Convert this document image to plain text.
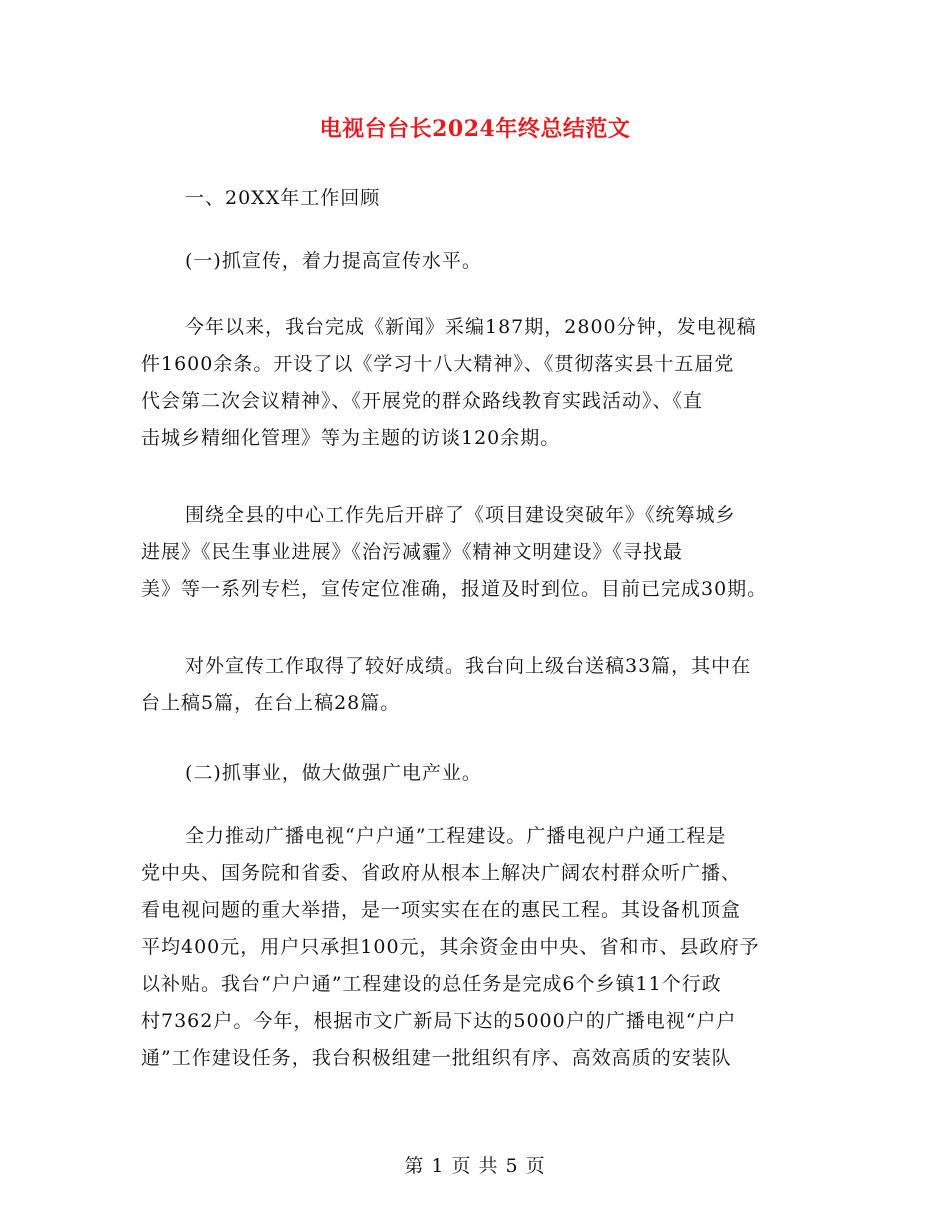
电视台台长2024年终总结范文
一、20XX年工作回顾
(一)抓宣传，着力提高宣传水平。
今年以来，我台完成《新闻》采编187期，2800分钟，发电视稿
件1600余条。开设了以《学习十八大精神》、《贯彻落实县十五届党
代会第二次会议精神》、《开展党的群众路线教育实践活动》、《直
击城乡精细化管理》等为主题的访谈120余期。
围绕全县的中心工作先后开辟了《项目建设突破年》《统筹城乡
进展》《民生事业进展》《治污减霾》《精神文明建设》《寻找最
美》等一系列专栏，宣传定位准确，报道及时到位。目前已完成30期。
对外宣传工作取得了较好成绩。我台向上级台送稿33篇，其中在
台上稿5篇，在台上稿28篇。
(二)抓事业，做大做强广电产业。
全力推动广播电视“户户通”工程建设。广播电视户户通工程是
党中央、国务院和省委、省政府从根本上解决广阔农村群众听广播、
看电视问题的重大举措，是一项实实在在的惠民工程。其设备机顶盒
平均400元，用户只承担100元，其余资金由中央、省和市、县政府予
以补贴。我台“户户通”工程建设的总任务是完成6个乡镇11个行政
村7362户。今年，根据市文广新局下达的5000户的广播电视“户户
通”工作建设任务，我台积极组建一批组织有序、高效高质的安装队
第 1 页 共 5 页
